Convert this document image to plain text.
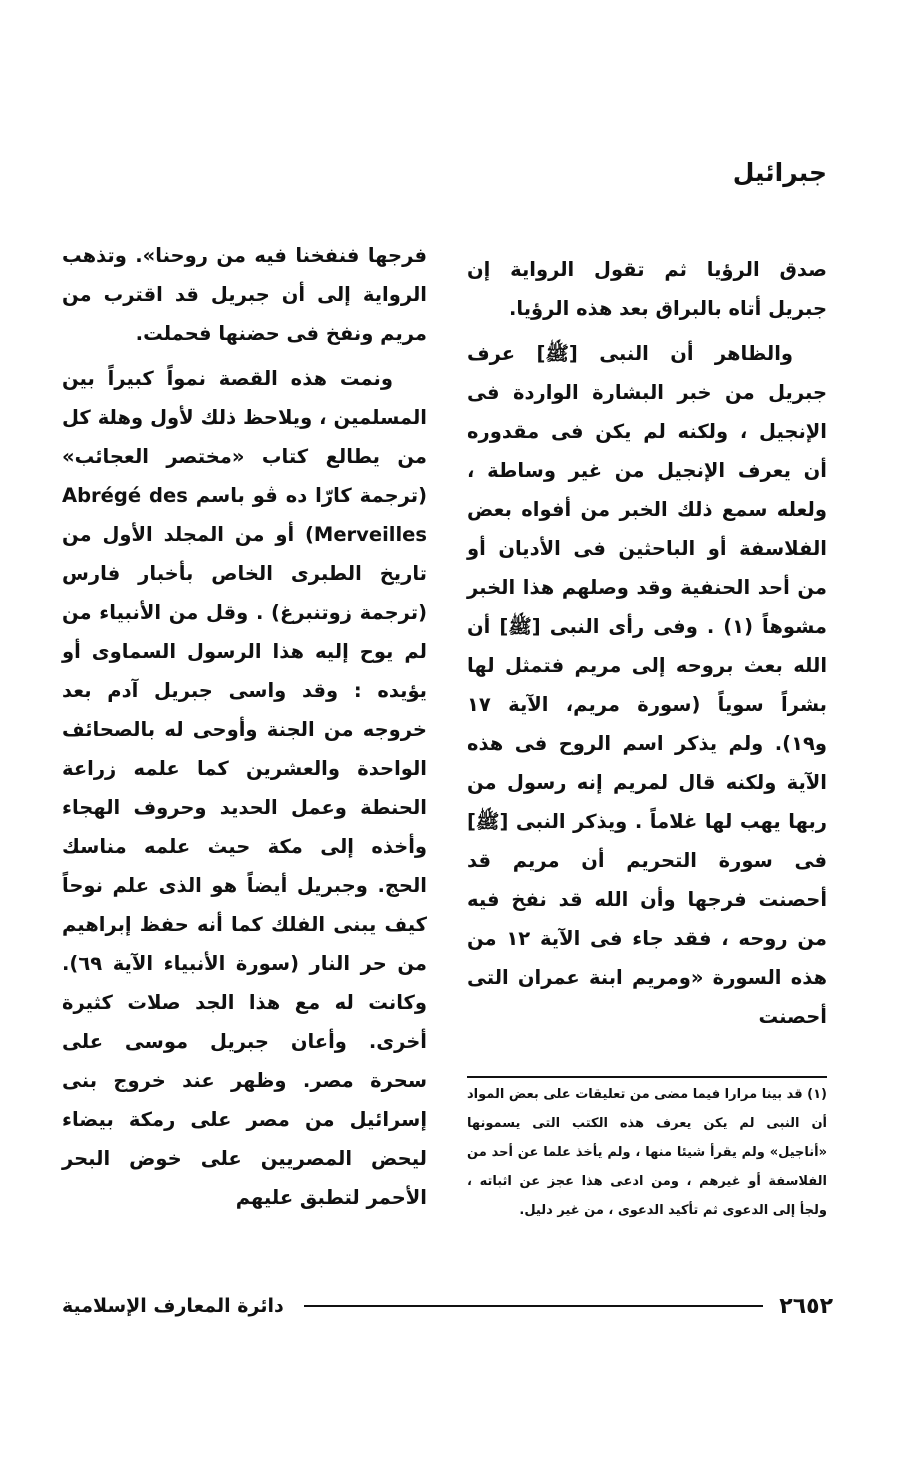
جبرائيل

صدق الرؤيا ثم تقول الرواية إن جبريل أتاه بالبراق بعد هذه الرؤيا.

والظاهر أن النبى [ﷺ] عرف جبريل من خبر البشارة الواردة فى الإنجيل ، ولكنه لم يكن فى مقدوره أن يعرف الإنجيل من غير وساطة ، ولعله سمع ذلك الخبر من أفواه بعض الفلاسفة أو الباحثين فى الأديان أو من أحد الحنفية وقد وصلهم هذا الخبر مشوهاً (١) . وفى رأى النبى [ﷺ] أن الله بعث بروحه إلى مريم فتمثل لها بشراً سوياً (سورة مريم، الآية ١٧ و١٩). ولم يذكر اسم الروح فى هذه الآية ولكنه قال لمريم إنه رسول من ربها يهب لها غلاماً . ويذكر النبى [ﷺ] فى سورة التحريم أن مريم قد أحصنت فرجها وأن الله قد نفخ فيه من روحه ، فقد جاء فى الآية ١٢ من هذه السورة «ومريم ابنة عمران التى أحصنت

(١) قد بينا مرارا فيما مضى من تعليقات على بعض المواد أن النبى لم يكن يعرف هذه الكتب التى يسمونها «أناجيل» ولم يقرأ شيئا منها ، ولم يأخذ علما عن أحد من الفلاسفة أو غيرهم ، ومن ادعى هذا عجز عن اثباته ، ولجأ إلى الدعوى ثم تأكيد الدعوى ، من غير دليل.

فرجها فنفخنا فيه من روحنا». وتذهب الرواية إلى أن جبريل قد اقترب من مريم ونفخ فى حضنها فحملت.

ونمت هذه القصة نمواً كبيراً بين المسلمين ، ويلاحظ ذلك لأول وهلة كل من يطالع كتاب «مختصر العجائب» (ترجمة كارّا ده ڤو باسم Abrégé des Merveilles) أو من المجلد الأول من تاريخ الطبرى الخاص بأخبار فارس (ترجمة زوتنبرغ) . وقل من الأنبياء من لم يوح إليه هذا الرسول السماوى أو يؤيده : وقد واسى جبريل آدم بعد خروجه من الجنة وأوحى له بالصحائف الواحدة والعشرين كما علمه زراعة الحنطة وعمل الحديد وحروف الهجاء وأخذه إلى مكة حيث علمه مناسك الحج. وجبريل أيضاً هو الذى علم نوحاً كيف يبنى الفلك كما أنه حفظ إبراهيم من حر النار (سورة الأنبياء الآية ٦٩). وكانت له مع هذا الجد صلات كثيرة أخرى. وأعان جبريل موسى على سحرة مصر. وظهر عند خروج بنى إسرائيل من مصر على رمكة بيضاء ليحض المصريين على خوض البحر الأحمر لتطبق عليهم

٢٦٥٢
دائرة المعارف الإسلامية
